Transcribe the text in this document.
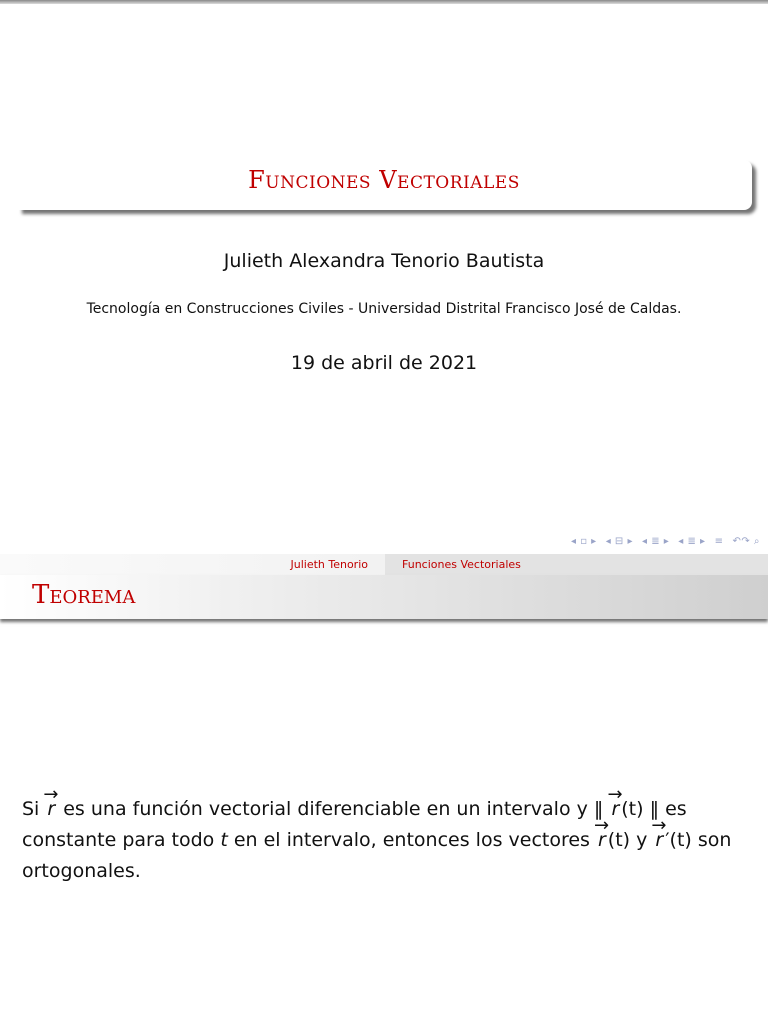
Funciones Vectoriales
Julieth Alexandra Tenorio Bautista
Tecnología en Construcciones Civiles - Universidad Distrital Francisco José de Caldas.
19 de abril de 2021
◂ ▫ ▸ ◂ ⊟ ▸ ◂ ≣ ▸ ◂ ≣ ▸ ≡ ↶↷ ⌕
Julieth Tenorio	Funciones Vectoriales
Teorema
Si → r es una función vectorial diferenciable en un intervalo y ‖ → r (t) ‖ es constante para todo t en el intervalo, entonces los vectores → r (t) y → r ′(t) son ortogonales.
